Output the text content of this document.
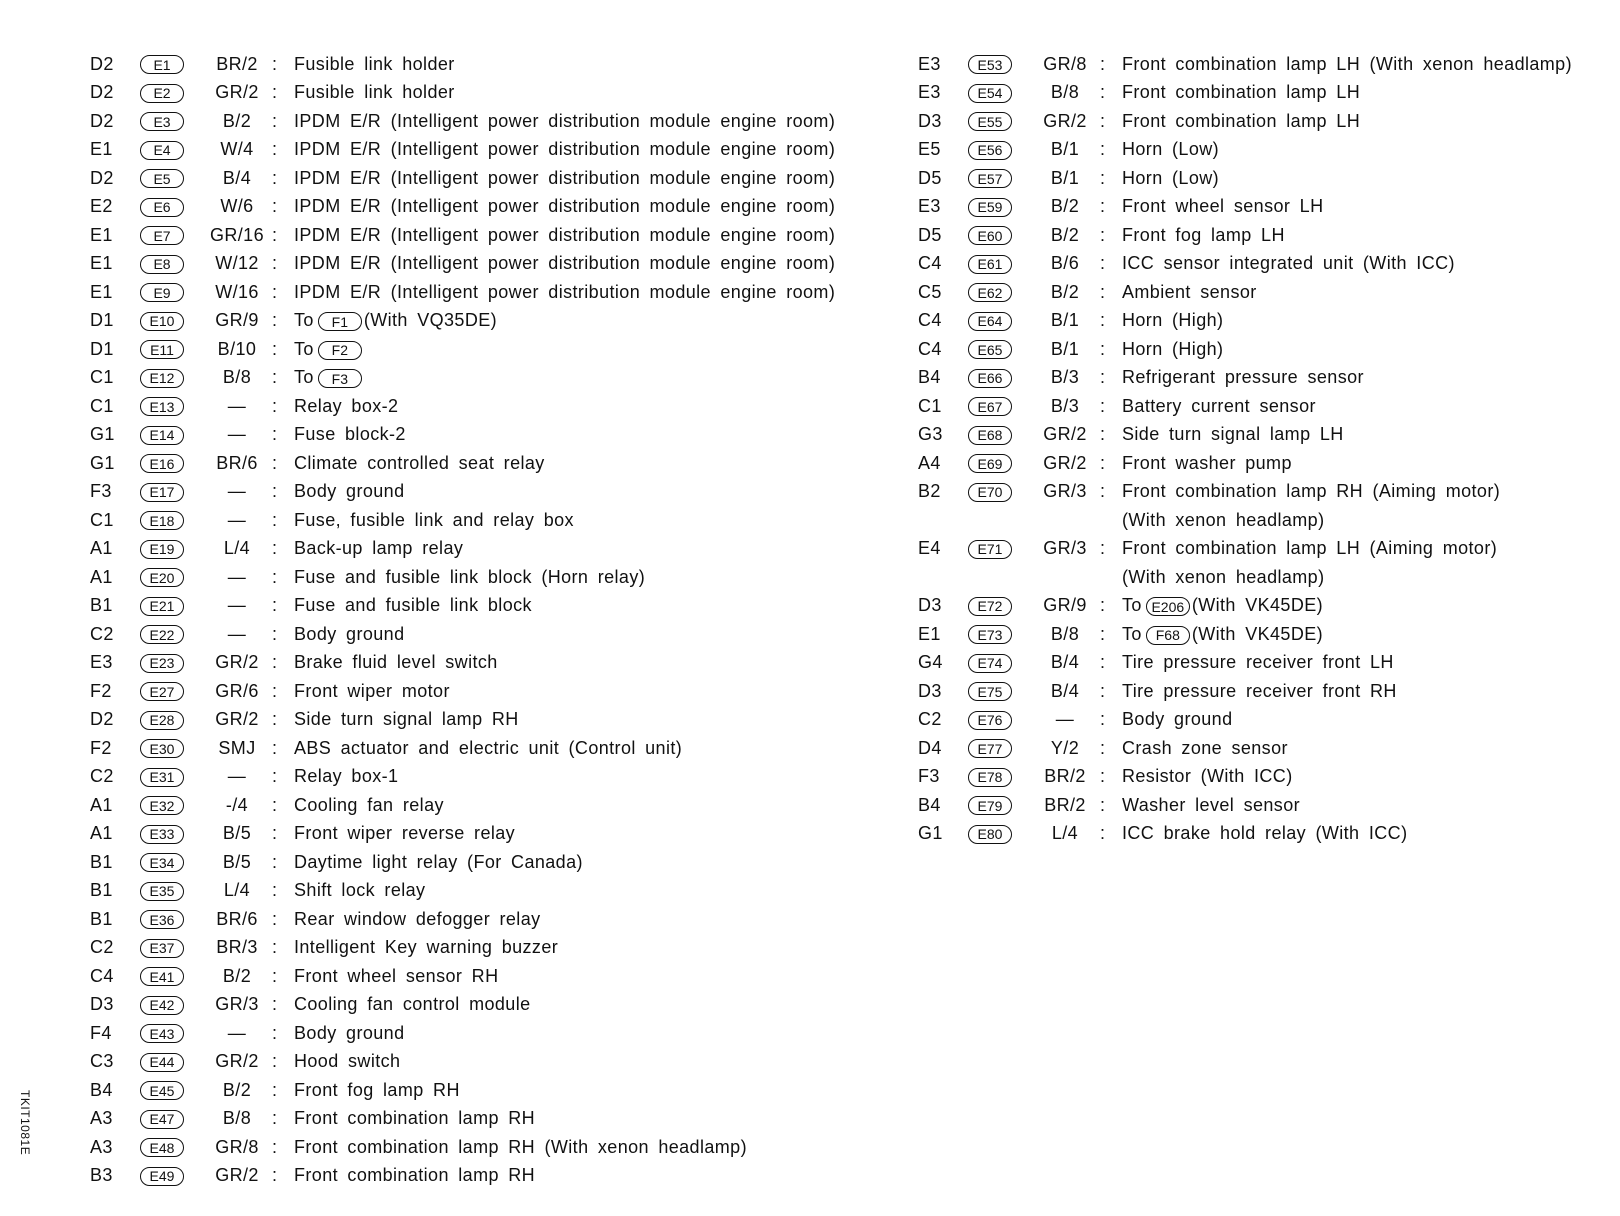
D2	E1	BR/2 : Fusible link holder
D2	E2	GR/2 : Fusible link holder
D2	E3	B/2	: IPDM E/R (Intelligent power distribution module engine room)
E1	E4	W/4	: IPDM E/R (Intelligent power distribution module engine room)
D2	E5	B/4	: IPDM E/R (Intelligent power distribution module engine room)
E2	E6	W/6	: IPDM E/R (Intelligent power distribution module engine room)
E1	E7	GR/16 : IPDM E/R (Intelligent power distribution module engine room)
E1	E8	W/12 : IPDM E/R (Intelligent power distribution module engine room)
E1	E9	W/16 : IPDM E/R (Intelligent power distribution module engine room)
D1	E10	GR/9 : To F1 (With VQ35DE)
D1	E11	B/10 : To F2
C1	E12	B/8	: To F3
C1	E13	—	: Relay box-2
G1	E14	—	: Fuse block-2
G1	E16	BR/6 : Climate controlled seat relay
F3	E17	—	: Body ground
C1	E18	—	: Fuse, fusible link and relay box
A1	E19	L/4	: Back-up lamp relay
A1	E20	—	: Fuse and fusible link block (Horn relay)
B1	E21	—	: Fuse and fusible link block
C2	E22	—	: Body ground
E3	E23	GR/2 : Brake fluid level switch
F2	E27	GR/6 : Front wiper motor
D2	E28	GR/2 : Side turn signal lamp RH
F2	E30	SMJ : ABS actuator and electric unit (Control unit)
C2	E31	—	: Relay box-1
A1	E32	-/4	: Cooling fan relay
A1	E33	B/5	: Front wiper reverse relay
B1	E34	B/5	: Daytime light relay (For Canada)
B1	E35	L/4	: Shift lock relay
B1	E36	BR/6 : Rear window defogger relay
C2	E37	BR/3 : Intelligent Key warning buzzer
C4	E41	B/2	: Front wheel sensor RH
D3	E42	GR/3 : Cooling fan control module
F4	E43	—	: Body ground
C3	E44	GR/2 : Hood switch
B4	E45	B/2	: Front fog lamp RH
A3	E47	B/8	: Front combination lamp RH
A3	E48	GR/8 : Front combination lamp RH (With xenon headlamp)
B3	E49	GR/2 : Front combination lamp RH
E3	E53	GR/8 : Front combination lamp LH (With xenon headlamp)
E3	E54	B/8	: Front combination lamp LH
D3	E55	GR/2 : Front combination lamp LH
E5	E56	B/1	: Horn (Low)
D5	E57	B/1	: Horn (Low)
E3	E59	B/2	: Front wheel sensor LH
D5	E60	B/2	: Front fog lamp LH
C4	E61	B/6	: ICC sensor integrated unit (With ICC)
C5	E62	B/2	: Ambient sensor
C4	E64	B/1	: Horn (High)
C4	E65	B/1	: Horn (High)
B4	E66	B/3	: Refrigerant pressure sensor
C1	E67	B/3	: Battery current sensor
G3	E68	GR/2 : Side turn signal lamp LH
A4	E69	GR/2 : Front washer pump
B2	E70	GR/3 : Front combination lamp RH (Aiming motor)
(With xenon headlamp)
E4	E71	GR/3 : Front combination lamp LH (Aiming motor)
(With xenon headlamp)
D3	E72	GR/9 : To E206 (With VK45DE)
E1	E73	B/8	: To F68 (With VK45DE)
G4	E74	B/4	: Tire pressure receiver front LH
D3	E75	B/4	: Tire pressure receiver front RH
C2	E76	—	: Body ground
D4	E77	Y/2	: Crash zone sensor
F3	E78	BR/2 : Resistor (With ICC)
B4	E79	BR/2 : Washer level sensor
G1	E80	L/4	: ICC brake hold relay (With ICC)
TKIT1081E
